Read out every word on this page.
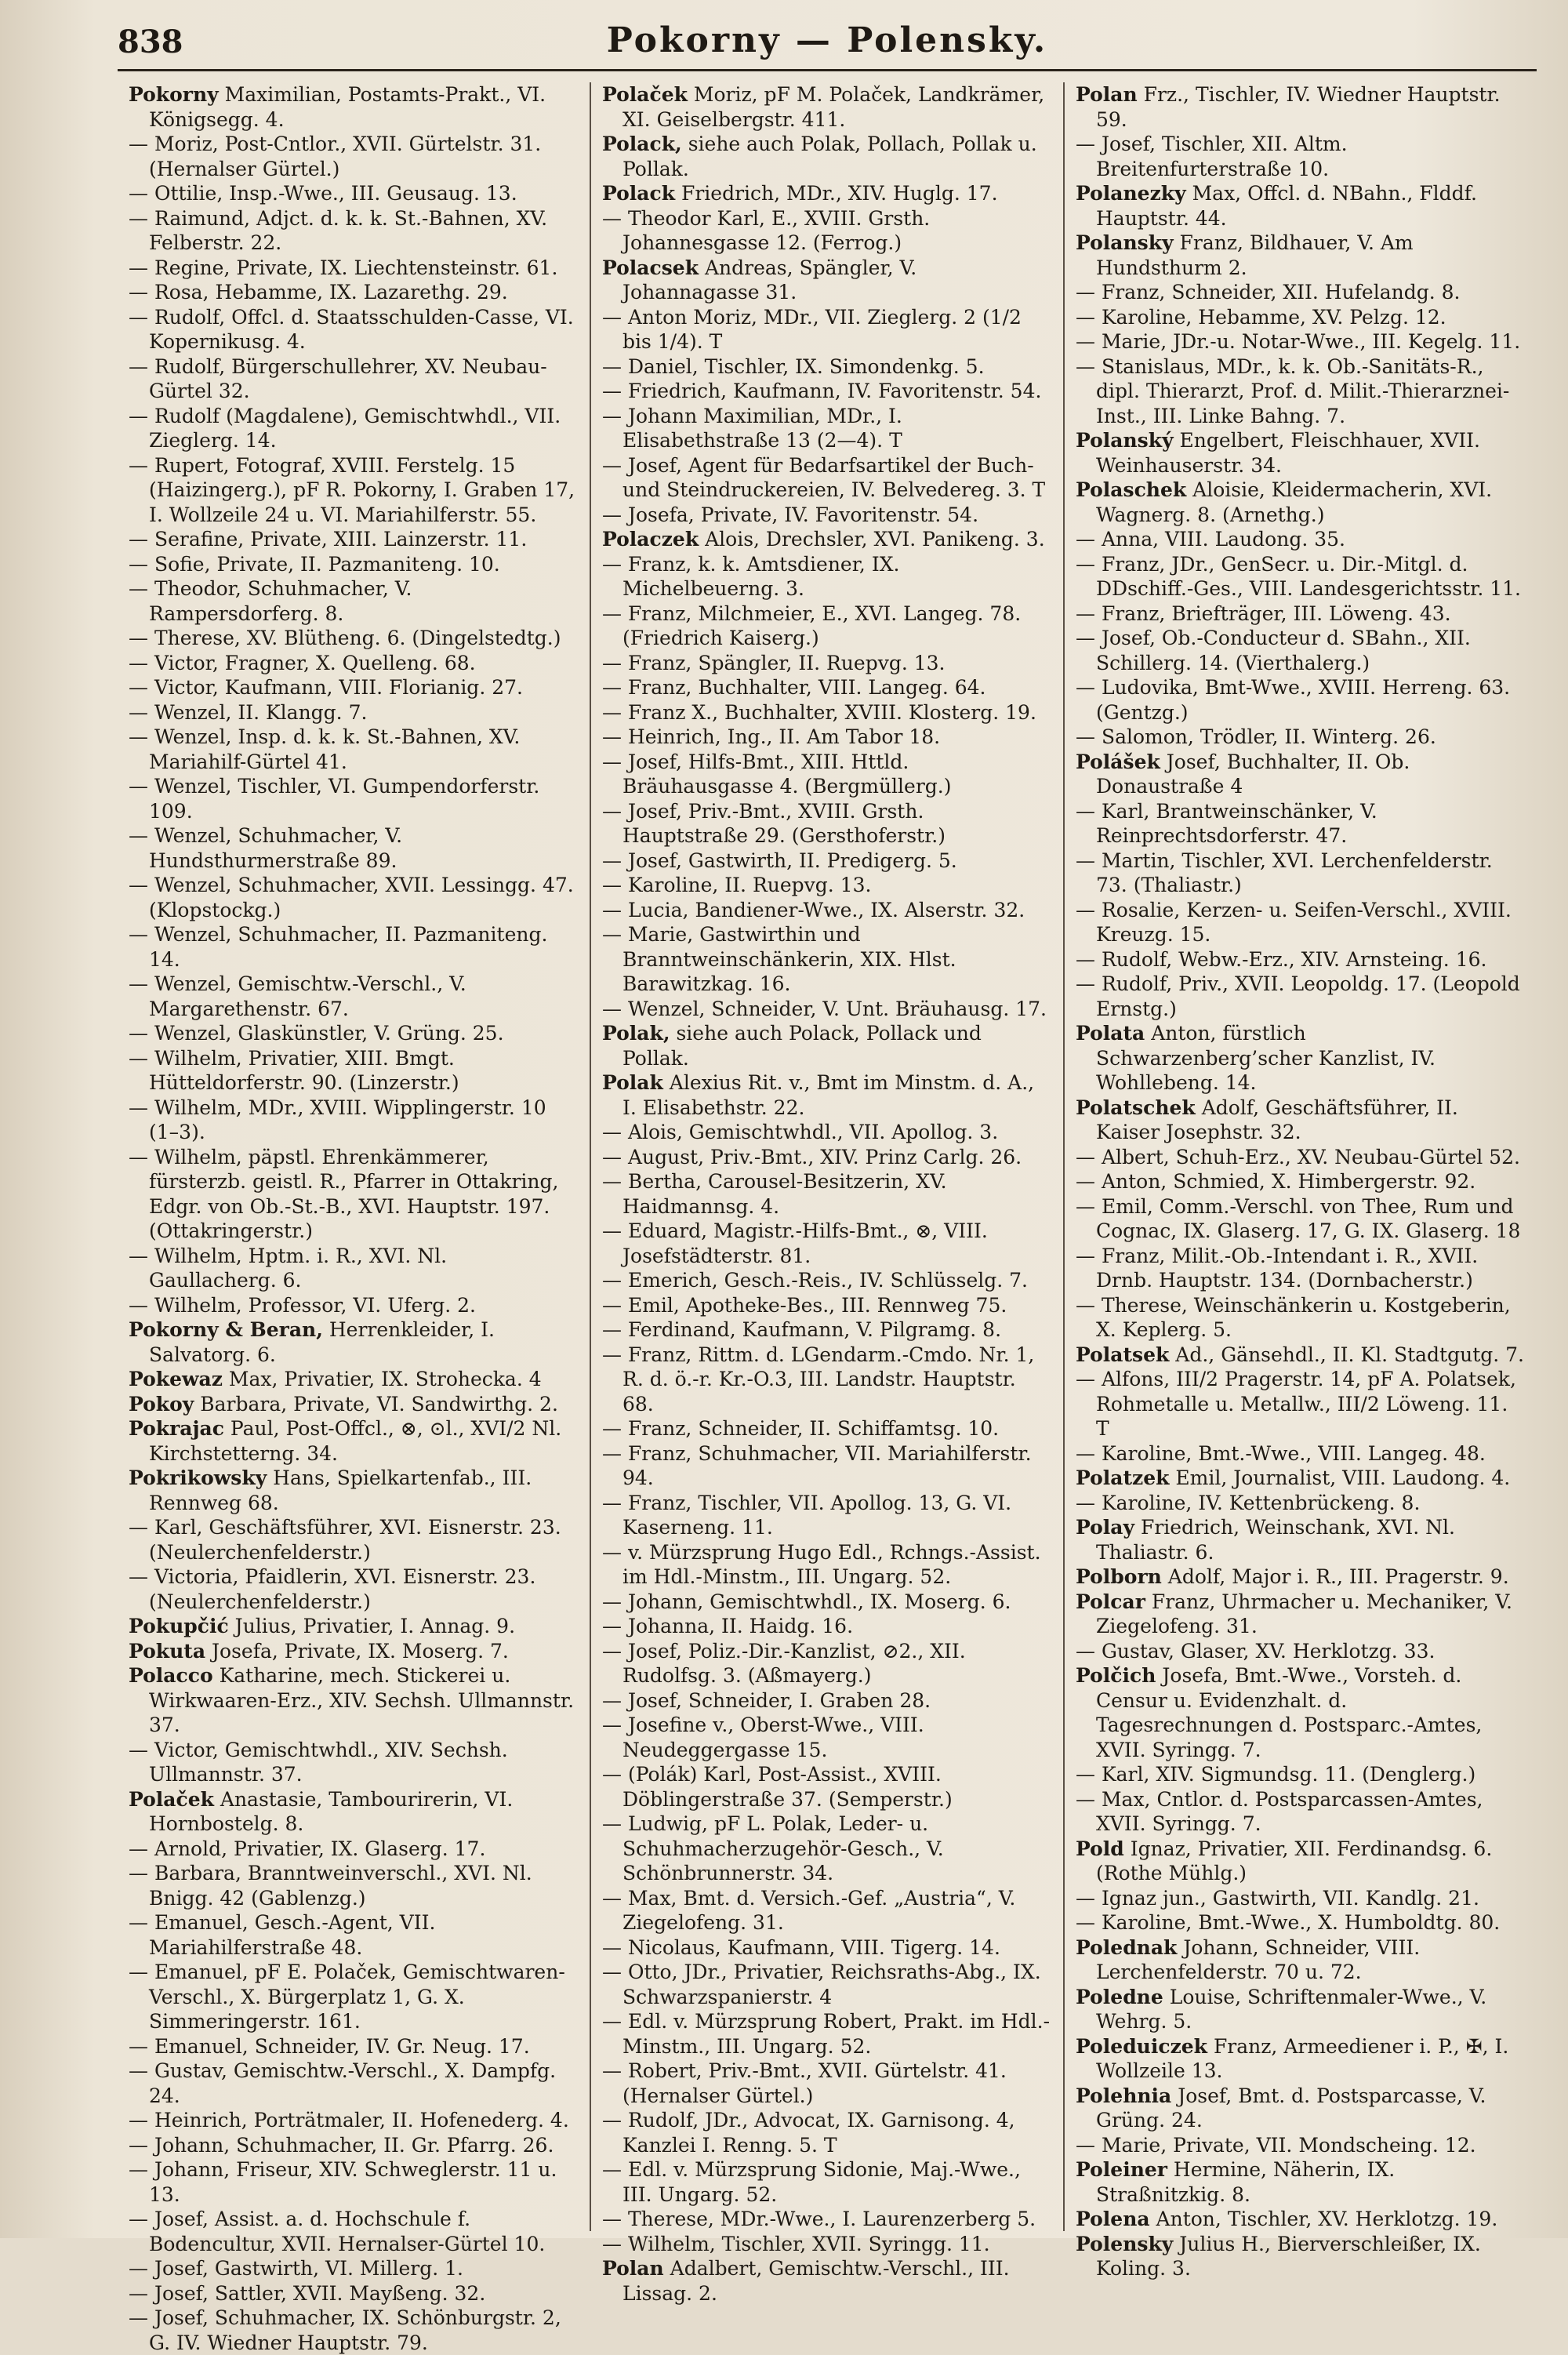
838	Pokorny — Polensky.

Pokorny Maximilian, Postamts-Prakt., VI. Königsegg. 4.

— Moriz, Post-Cntlor., XVII. Gürtelstr. 31. (Hernalser Gürtel.)

— Ottilie, Insp.-Wwe., III. Geusaug. 13.

— Raimund, Adjct. d. k. k. St.-Bahnen, XV. Felberstr. 22.

— Regine, Private, IX. Liechtensteinstr. 61.

— Rosa, Hebamme, IX. Lazarethg. 29.

— Rudolf, Offcl. d. Staatsschulden-Casse, VI. Kopernikusg. 4.

— Rudolf, Bürgerschullehrer, XV. Neubau-Gürtel 32.

— Rudolf (Magdalene), Gemischtwhdl., VII. Zieglerg. 14.

— Rupert, Fotograf, XVIII. Ferstelg. 15 (Haizingerg.), pF R. Pokorny, I. Graben 17, I. Wollzeile 24 u. VI. Mariahilferstr. 55.

— Serafine, Private, XIII. Lainzerstr. 11.

— Sofie, Private, II. Pazmaniteng. 10.

— Theodor, Schuhmacher, V. Rampersdorferg. 8.

— Therese, XV. Blütheng. 6. (Dingelstedtg.)

— Victor, Fragner, X. Quelleng. 68.

— Victor, Kaufmann, VIII. Florianig. 27.

— Wenzel, II. Klangg. 7.

— Wenzel, Insp. d. k. k. St.-Bahnen, XV. Mariahilf-Gürtel 41.

— Wenzel, Tischler, VI. Gumpendorferstr. 109.

— Wenzel, Schuhmacher, V. Hundsthurmerstraße 89.

— Wenzel, Schuhmacher, XVII. Lessingg. 47. (Klopstockg.)

— Wenzel, Schuhmacher, II. Pazmaniteng. 14.

— Wenzel, Gemischtw.-Verschl., V. Margarethenstr. 67.

— Wenzel, Glaskünstler, V. Grüng. 25.

— Wilhelm, Privatier, XIII. Bmgt. Hütteldorferstr. 90. (Linzerstr.)

— Wilhelm, MDr., XVIII. Wipplingerstr. 10 (1–3).

— Wilhelm, päpstl. Ehrenkämmerer, fürsterzb. geistl. R., Pfarrer in Ottakring, Edgr. von Ob.-St.-B., XVI. Hauptstr. 197. (Ottakringerstr.)

— Wilhelm, Hptm. i. R., XVI. Nl. Gaullacherg. 6.

— Wilhelm, Professor, VI. Uferg. 2.

Pokorny & Beran, Herrenkleider, I. Salvatorg. 6.

Pokewaz Max, Privatier, IX. Strohecka. 4

Pokoy Barbara, Private, VI. Sandwirthg. 2.

Pokrajac Paul, Post-Offcl., ⊗, ⊙l., XVI/2 Nl. Kirchstetterng. 34.

Pokrikowsky Hans, Spielkartenfab., III. Rennweg 68.

— Karl, Geschäftsführer, XVI. Eisnerstr. 23. (Neulerchenfelderstr.)

— Victoria, Pfaidlerin, XVI. Eisnerstr. 23. (Neulerchenfelderstr.)

Pokupčić Julius, Privatier, I. Annag. 9.

Pokuta Josefa, Private, IX. Moserg. 7.

Polacco Katharine, mech. Stickerei u. Wirkwaaren-Erz., XIV. Sechsh. Ullmannstr. 37.

— Victor, Gemischtwhdl., XIV. Sechsh. Ullmannstr. 37.

Polaček Anastasie, Tambourirerin, VI. Hornbostelg. 8.

— Arnold, Privatier, IX. Glaserg. 17.

— Barbara, Branntweinverschl., XVI. Nl. Bnigg. 42 (Gablenzg.)

— Emanuel, Gesch.-Agent, VII. Mariahilferstraße 48.

— Emanuel, pF E. Polaček, Gemischtwaren-Verschl., X. Bürgerplatz 1, G. X. Simmeringerstr. 161.

— Emanuel, Schneider, IV. Gr. Neug. 17.

— Gustav, Gemischtw.-Verschl., X. Dampfg. 24.

— Heinrich, Porträtmaler, II. Hofenederg. 4.

— Johann, Schuhmacher, II. Gr. Pfarrg. 26.

— Johann, Friseur, XIV. Schweglerstr. 11 u. 13.

— Josef, Assist. a. d. Hochschule f. Bodencultur, XVII. Hernalser-Gürtel 10.

— Josef, Gastwirth, VI. Millerg. 1.

— Josef, Sattler, XVII. Mayßeng. 32.

— Josef, Schuhmacher, IX. Schönburgstr. 2, G. IV. Wiedner Hauptstr. 79.

Polaček Moriz, pF M. Polaček, Landkrämer, XI. Geiselbergstr. 411.

Polack, siehe auch Polak, Pollach, Pollak u. Pollak.

Polack Friedrich, MDr., XIV. Huglg. 17.

— Theodor Karl, E., XVIII. Grsth. Johannesgasse 12. (Ferrog.)

Polacsek Andreas, Spängler, V. Johannagasse 31.

— Anton Moriz, MDr., VII. Zieglerg. 2 (1/2 bis 1/4). T

— Daniel, Tischler, IX. Simondenkg. 5.

— Friedrich, Kaufmann, IV. Favoritenstr. 54.

— Johann Maximilian, MDr., I. Elisabethstraße 13 (2—4). T

— Josef, Agent für Bedarfsartikel der Buch- und Steindruckereien, IV. Belvedereg. 3. T

— Josefa, Private, IV. Favoritenstr. 54.

Polaczek Alois, Drechsler, XVI. Panikeng. 3.

— Franz, k. k. Amtsdiener, IX. Michelbeuerng. 3.

— Franz, Milchmeier, E., XVI. Langeg. 78. (Friedrich Kaiserg.)

— Franz, Spängler, II. Ruepvg. 13.

— Franz, Buchhalter, VIII. Langeg. 64.

— Franz X., Buchhalter, XVIII. Klosterg. 19.

— Heinrich, Ing., II. Am Tabor 18.

— Josef, Hilfs-Bmt., XIII. Httld. Bräuhausgasse 4. (Bergmüllerg.)

— Josef, Priv.-Bmt., XVIII. Grsth. Hauptstraße 29. (Gersthoferstr.)

— Josef, Gastwirth, II. Predigerg. 5.

— Karoline, II. Ruepvg. 13.

— Lucia, Bandiener-Wwe., IX. Alserstr. 32.

— Marie, Gastwirthin und Branntweinschänkerin, XIX. Hlst. Barawitzkag. 16.

— Wenzel, Schneider, V. Unt. Bräuhausg. 17.

Polak, siehe auch Polack, Pollack und Pollak.

Polak Alexius Rit. v., Bmt im Minstm. d. A., I. Elisabethstr. 22.

— Alois, Gemischtwhdl., VII. Apollog. 3.

— August, Priv.-Bmt., XIV. Prinz Carlg. 26.

— Bertha, Carousel-Besitzerin, XV. Haidmannsg. 4.

— Eduard, Magistr.-Hilfs-Bmt., ⊗, VIII. Josefstädterstr. 81.

— Emerich, Gesch.-Reis., IV. Schlüsselg. 7.

— Emil, Apotheke-Bes., III. Rennweg 75.

— Ferdinand, Kaufmann, V. Pilgramg. 8.

— Franz, Rittm. d. LGendarm.-Cmdo. Nr. 1, R. d. ö.-r. Kr.-O.3, III. Landstr. Hauptstr. 68.

— Franz, Schneider, II. Schiffamtsg. 10.

— Franz, Schuhmacher, VII. Mariahilferstr. 94.

— Franz, Tischler, VII. Apollog. 13, G. VI. Kaserneng. 11.

— v. Mürzsprung Hugo Edl., Rchngs.-Assist. im Hdl.-Minstm., III. Ungarg. 52.

— Johann, Gemischtwhdl., IX. Moserg. 6.

— Johanna, II. Haidg. 16.

— Josef, Poliz.-Dir.-Kanzlist, ⊘2., XII. Rudolfsg. 3. (Aßmayerg.)

— Josef, Schneider, I. Graben 28.

— Josefine v., Oberst-Wwe., VIII. Neudeggergasse 15.

— (Polák) Karl, Post-Assist., XVIII. Döblingerstraße 37. (Semperstr.)

— Ludwig, pF L. Polak, Leder- u. Schuhmacherzugehör-Gesch., V. Schönbrunnerstr. 34.

— Max, Bmt. d. Versich.-Gef. „Austria“, V. Ziegelofeng. 31.

— Nicolaus, Kaufmann, VIII. Tigerg. 14.

— Otto, JDr., Privatier, Reichsraths-Abg., IX. Schwarzspanierstr. 4

— Edl. v. Mürzsprung Robert, Prakt. im Hdl.-Minstm., III. Ungarg. 52.

— Robert, Priv.-Bmt., XVII. Gürtelstr. 41. (Hernalser Gürtel.)

— Rudolf, JDr., Advocat, IX. Garnisong. 4, Kanzlei I. Renng. 5. T

— Edl. v. Mürzsprung Sidonie, Maj.-Wwe., III. Ungarg. 52.

— Therese, MDr.-Wwe., I. Laurenzerberg 5.

— Wilhelm, Tischler, XVII. Syringg. 11.

Polan Adalbert, Gemischtw.-Verschl., III. Lissag. 2.

Polan Frz., Tischler, IV. Wiedner Hauptstr. 59.

— Josef, Tischler, XII. Altm. Breitenfurterstraße 10.

Polanezky Max, Offcl. d. NBahn., Flddf. Hauptstr. 44.

Polansky Franz, Bildhauer, V. Am Hundsthurm 2.

— Franz, Schneider, XII. Hufelandg. 8.

— Karoline, Hebamme, XV. Pelzg. 12.

— Marie, JDr.-u. Notar-Wwe., III. Kegelg. 11.

— Stanislaus, MDr., k. k. Ob.-Sanitäts-R., dipl. Thierarzt, Prof. d. Milit.-Thierarznei-Inst., III. Linke Bahng. 7.

Polanský Engelbert, Fleischhauer, XVII. Weinhauserstr. 34.

Polaschek Aloisie, Kleidermacherin, XVI. Wagnerg. 8. (Arnethg.)

— Anna, VIII. Laudong. 35.

— Franz, JDr., GenSecr. u. Dir.-Mitgl. d. DDschiff.-Ges., VIII. Landesgerichtsstr. 11.

— Franz, Briefträger, III. Löweng. 43.

— Josef, Ob.-Conducteur d. SBahn., XII. Schillerg. 14. (Vierthalerg.)

— Ludovika, Bmt-Wwe., XVIII. Herreng. 63. (Gentzg.)

— Salomon, Trödler, II. Winterg. 26.

Polášek Josef, Buchhalter, II. Ob. Donaustraße 4

— Karl, Brantweinschänker, V. Reinprechtsdorferstr. 47.

— Martin, Tischler, XVI. Lerchenfelderstr. 73. (Thaliastr.)

— Rosalie, Kerzen- u. Seifen-Verschl., XVIII. Kreuzg. 15.

— Rudolf, Webw.-Erz., XIV. Arnsteing. 16.

— Rudolf, Priv., XVII. Leopoldg. 17. (Leopold Ernstg.)

Polata Anton, fürstlich Schwarzenberg’scher Kanzlist, IV. Wohllebeng. 14.

Polatschek Adolf, Geschäftsführer, II. Kaiser Josephstr. 32.

— Albert, Schuh-Erz., XV. Neubau-Gürtel 52.

— Anton, Schmied, X. Himbergerstr. 92.

— Emil, Comm.-Verschl. von Thee, Rum und Cognac, IX. Glaserg. 17, G. IX. Glaserg. 18

— Franz, Milit.-Ob.-Intendant i. R., XVII. Drnb. Hauptstr. 134. (Dornbacherstr.)

— Therese, Weinschänkerin u. Kostgeberin, X. Keplerg. 5.

Polatsek Ad., Gänsehdl., II. Kl. Stadtgutg. 7.

— Alfons, III/2 Pragerstr. 14, pF A. Polatsek, Rohmetalle u. Metallw., III/2 Löweng. 11. T

— Karoline, Bmt.-Wwe., VIII. Langeg. 48.

Polatzek Emil, Journalist, VIII. Laudong. 4.

— Karoline, IV. Kettenbrückeng. 8.

Polay Friedrich, Weinschank, XVI. Nl. Thaliastr. 6.

Polborn Adolf, Major i. R., III. Pragerstr. 9.

Polcar Franz, Uhrmacher u. Mechaniker, V. Ziegelofeng. 31.

— Gustav, Glaser, XV. Herklotzg. 33.

Polčich Josefa, Bmt.-Wwe., Vorsteh. d. Censur u. Evidenzhalt. d. Tagesrechnungen d. Postsparc.-Amtes, XVII. Syringg. 7.

— Karl, XIV. Sigmundsg. 11. (Denglerg.)

— Max, Cntlor. d. Postsparcassen-Amtes, XVII. Syringg. 7.

Pold Ignaz, Privatier, XII. Ferdinandsg. 6. (Rothe Mühlg.)

— Ignaz jun., Gastwirth, VII. Kandlg. 21.

— Karoline, Bmt.-Wwe., X. Humboldtg. 80.

Polednak Johann, Schneider, VIII. Lerchenfelderstr. 70 u. 72.

Poledne Louise, Schriftenmaler-Wwe., V. Wehrg. 5.

Poleduiczek Franz, Armeediener i. P., ✠, I. Wollzeile 13.

Polehnia Josef, Bmt. d. Postsparcasse, V. Grüng. 24.

— Marie, Private, VII. Mondscheing. 12.

Poleiner Hermine, Näherin, IX. Straßnitzkig. 8.

Polena Anton, Tischler, XV. Herklotzg. 19.

Polensky Julius H., Bierverschleißer, IX. Koling. 3.
